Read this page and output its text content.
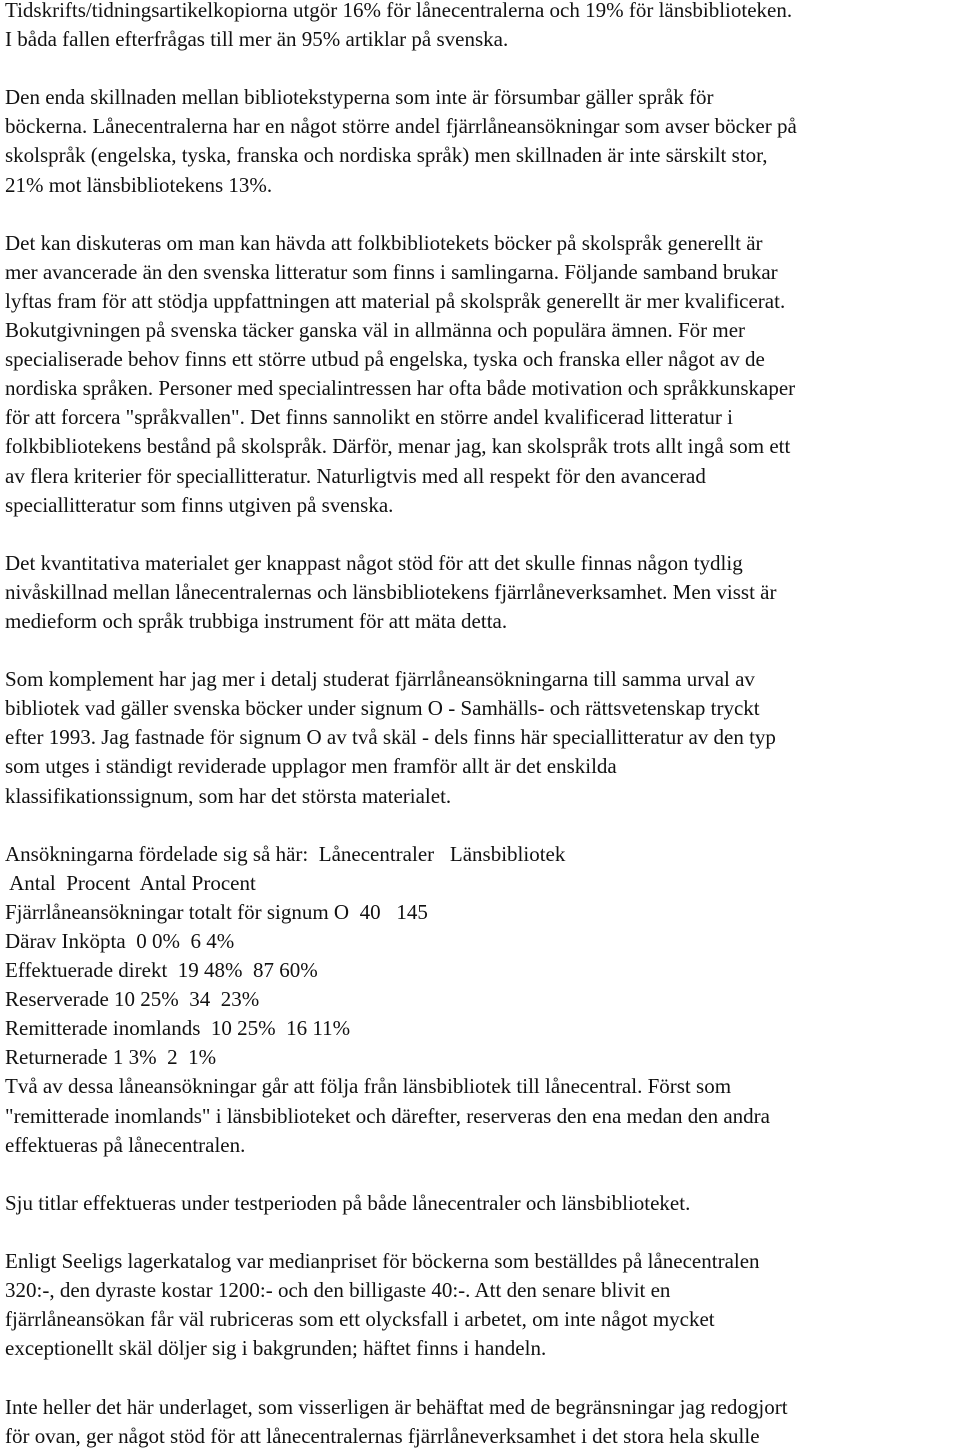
Tidskrifts/tidningsartikelkopiorna utgör 16% för lånecentralerna och 19% för länsbiblioteken.
I båda fallen efterfrågas till mer än 95% artiklar på svenska.
Den enda skillnaden mellan bibliotekstyperna som inte är försumbar gäller språk för
böckerna. Lånecentralerna har en något större andel fjärrlåneansökningar som avser böcker på
skolspråk (engelska, tyska, franska och nordiska språk) men skillnaden är inte särskilt stor,
21% mot länsbibliotekens 13%.
Det kan diskuteras om man kan hävda att folkbibliotekets böcker på skolspråk generellt är
mer avancerade än den svenska litteratur som finns i samlingarna. Följande samband brukar
lyftas fram för att stödja uppfattningen att material på skolspråk generellt är mer kvalificerat.
Bokutgivningen på svenska täcker ganska väl in allmänna och populära ämnen. För mer
specialiserade behov finns ett större utbud på engelska, tyska och franska eller något av de
nordiska språken. Personer med specialintressen har ofta både motivation och språkkunskaper
för att forcera "språkvallen". Det finns sannolikt en större andel kvalificerad litteratur i
folkbibliotekens bestånd på skolspråk. Därför, menar jag, kan skolspråk trots allt ingå som ett
av flera kriterier för speciallitteratur. Naturligtvis med all respekt för den avancerad
speciallitteratur som finns utgiven på svenska.
Det kvantitativa materialet ger knappast något stöd för att det skulle finnas någon tydlig
nivåskillnad mellan lånecentralernas och länsbibliotekens fjärrlåneverksamhet. Men visst är
medieform och språk trubbiga instrument för att mäta detta.
Som komplement har jag mer i detalj studerat fjärrlåneansökningarna till samma urval av
bibliotek vad gäller svenska böcker under signum O - Samhälls- och rättsvetenskap tryckt
efter 1993. Jag fastnade för signum O av två skäl - dels finns här speciallitteratur av den typ
som utges i ständigt reviderade upplagor men framför allt är det enskilda
klassifikationssignum, som har det största materialet.
Ansökningarna fördelade sig så här:  Lånecentraler   Länsbibliotek
Antal  Procent  Antal Procent
Fjärrlåneansökningar totalt för signum O  40   145
Därav Inköpta  0 0%  6 4%
Effektuerade direkt  19 48%  87 60%
Reserverade 10 25%  34  23%
Remitterade inomlands  10 25%  16 11%
Returnerade 1 3%  2  1%
Två av dessa låneansökningar går att följa från länsbibliotek till lånecentral. Först som
"remitterade inomlands" i länsbiblioteket och därefter, reserveras den ena medan den andra
effektueras på lånecentralen.
Sju titlar effektueras under testperioden på både lånecentraler och länsbiblioteket.
Enligt Seeligs lagerkatalog var medianpriset för böckerna som beställdes på lånecentralen
320:-, den dyraste kostar 1200:- och den billigaste 40:-. Att den senare blivit en
fjärrlåneansökan får väl rubriceras som ett olycksfall i arbetet, om inte något mycket
exceptionellt skäl döljer sig i bakgrunden; häftet finns i handeln.
Inte heller det här underlaget, som visserligen är behäftat med de begränsningar jag redogjort
för ovan, ger något stöd för att lånecentralernas fjärrlåneverksamhet i det stora hela skulle
